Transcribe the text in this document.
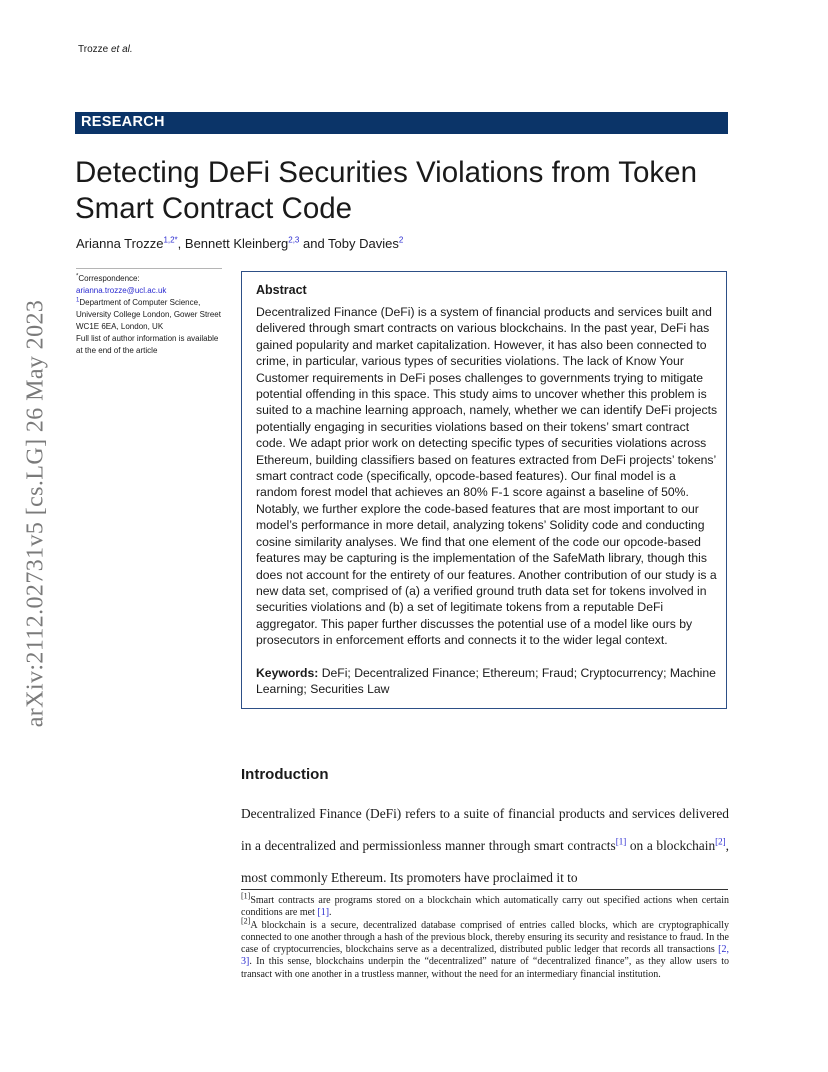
Trozze et al.
RESEARCH
Detecting DeFi Securities Violations from Token Smart Contract Code
Arianna Trozze$^{1,2*}$, Bennett Kleinberg$^{2,3}$ and Toby Davies$^2$
arXiv:2112.02731v5 [cs.LG] 26 May 2023
*Correspondence:
arianna.trozze@ucl.ac.uk
$^1$Department of Computer Science, University College London, Gower Street WC1E 6EA, London, UK
Full list of author information is available at the end of the article
Abstract
Decentralized Finance (DeFi) is a system of financial products and services built and delivered through smart contracts on various blockchains. In the past year, DeFi has gained popularity and market capitalization. However, it has also been connected to crime, in particular, various types of securities violations. The lack of Know Your Customer requirements in DeFi poses challenges to governments trying to mitigate potential offending in this space. This study aims to uncover whether this problem is suited to a machine learning approach, namely, whether we can identify DeFi projects potentially engaging in securities violations based on their tokens’ smart contract code. We adapt prior work on detecting specific types of securities violations across Ethereum, building classifiers based on features extracted from DeFi projects’ tokens’ smart contract code (specifically, opcode-based features). Our final model is a random forest model that achieves an 80% F-1 score against a baseline of 50%. Notably, we further explore the code-based features that are most important to our model’s performance in more detail, analyzing tokens’ Solidity code and conducting cosine similarity analyses. We find that one element of the code our opcode-based features may be capturing is the implementation of the SafeMath library, though this does not account for the entirety of our features. Another contribution of our study is a new data set, comprised of (a) a verified ground truth data set for tokens involved in securities violations and (b) a set of legitimate tokens from a reputable DeFi aggregator. This paper further discusses the potential use of a model like ours by prosecutors in enforcement efforts and connects it to the wider legal context.
Keywords: DeFi; Decentralized Finance; Ethereum; Fraud; Cryptocurrency; Machine Learning; Securities Law
Introduction
Decentralized Finance (DeFi) refers to a suite of financial products and services delivered in a decentralized and permissionless manner through smart contracts[1] on a blockchain[2], most commonly Ethereum. Its promoters have proclaimed it to
[1]Smart contracts are programs stored on a blockchain which automatically carry out specified actions when certain conditions are met [1].
[2]A blockchain is a secure, decentralized database comprised of entries called blocks, which are cryptographically connected to one another through a hash of the previous block, thereby ensuring its security and resistance to fraud. In the case of cryptocurrencies, blockchains serve as a decentralized, distributed public ledger that records all transactions [2, 3]. In this sense, blockchains underpin the “decentralized” nature of “decentralized finance”, as they allow users to transact with one another in a trustless manner, without the need for an intermediary financial institution.
